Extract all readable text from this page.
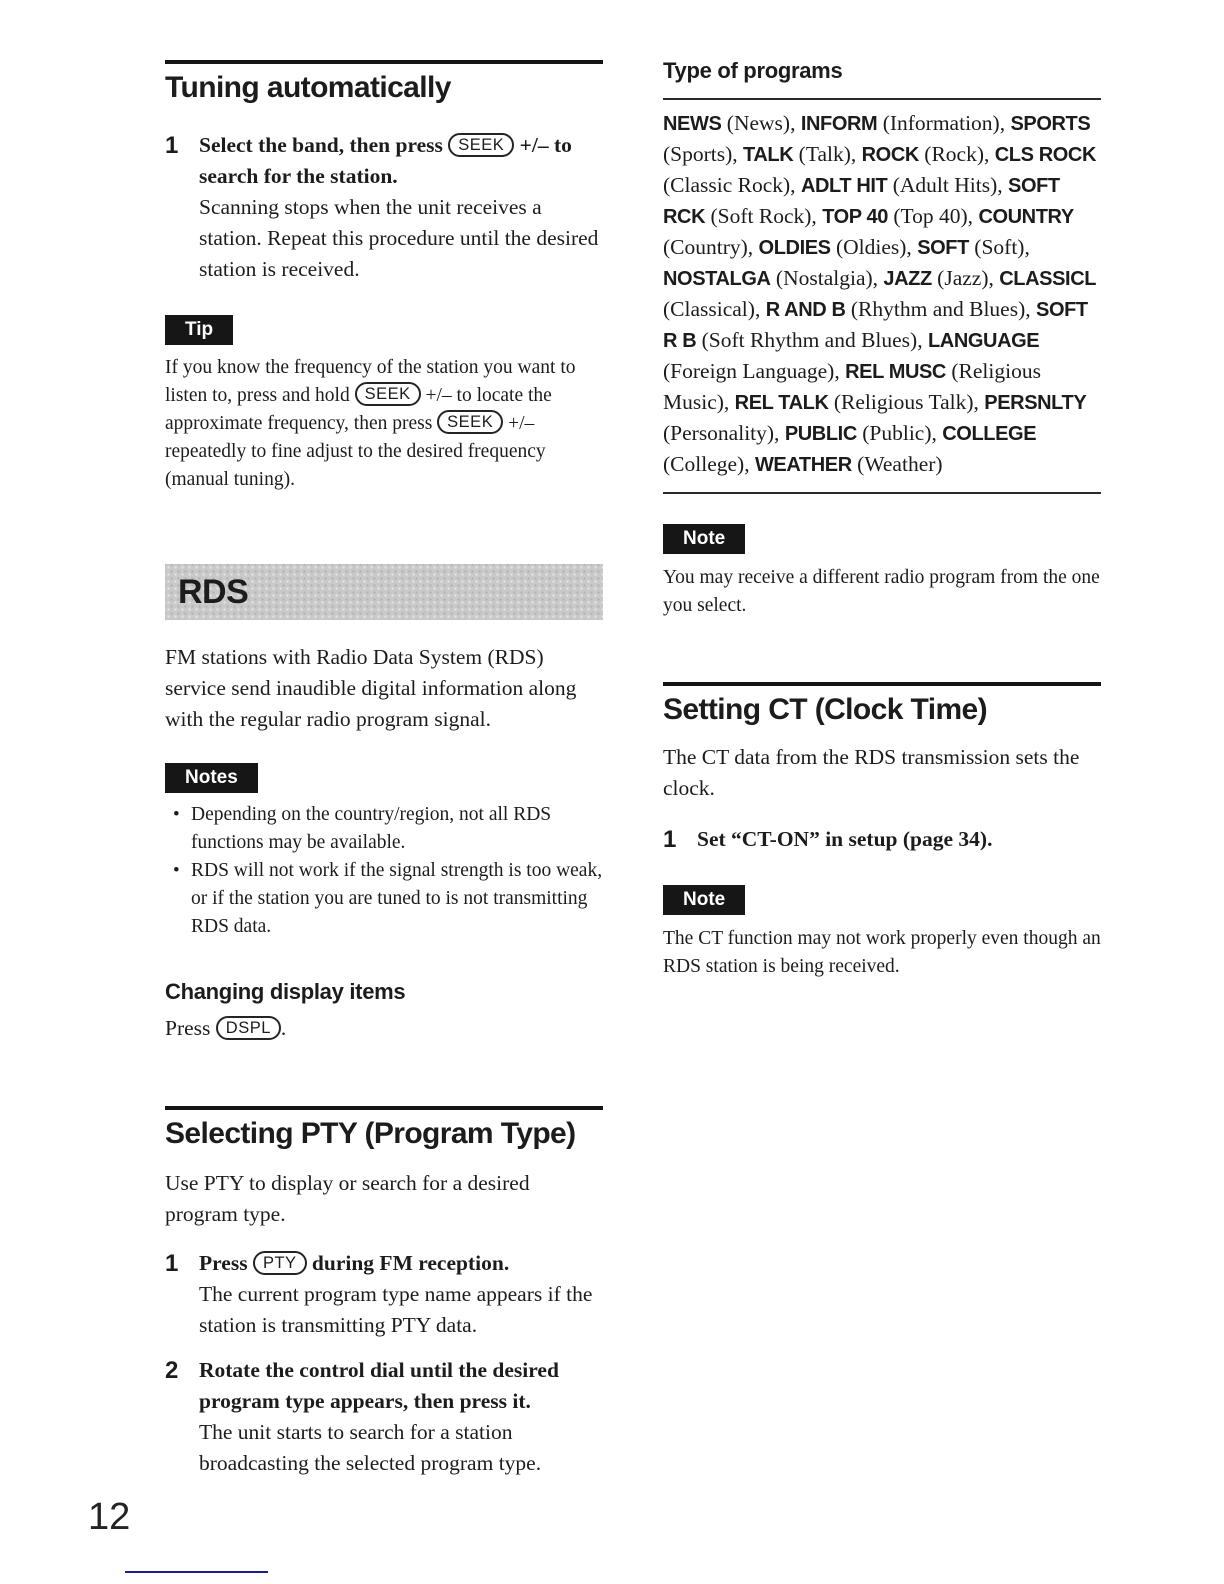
Tuning automatically
1 Select the band, then press SEEK +/– to search for the station.
Scanning stops when the unit receives a station. Repeat this procedure until the desired station is received.
Tip
If you know the frequency of the station you want to listen to, press and hold SEEK +/– to locate the approximate frequency, then press SEEK +/– repeatedly to fine adjust to the desired frequency (manual tuning).
RDS
FM stations with Radio Data System (RDS) service send inaudible digital information along with the regular radio program signal.
Notes
• Depending on the country/region, not all RDS functions may be available.
• RDS will not work if the signal strength is too weak, or if the station you are tuned to is not transmitting RDS data.
Changing display items
Press DSPL .
Selecting PTY (Program Type)
Use PTY to display or search for a desired program type.
1 Press PTY during FM reception.
The current program type name appears if the station is transmitting PTY data.
2 Rotate the control dial until the desired program type appears, then press it.
The unit starts to search for a station broadcasting the selected program type.
Type of programs
NEWS (News), INFORM (Information), SPORTS (Sports), TALK (Talk), ROCK (Rock), CLS ROCK (Classic Rock), ADLT HIT (Adult Hits), SOFT RCK (Soft Rock), TOP 40 (Top 40), COUNTRY (Country), OLDIES (Oldies), SOFT (Soft), NOSTALGA (Nostalgia), JAZZ (Jazz), CLASSICL (Classical), R AND B (Rhythm and Blues), SOFT R B (Soft Rhythm and Blues), LANGUAGE (Foreign Language), REL MUSC (Religious Music), REL TALK (Religious Talk), PERSNLTY (Personality), PUBLIC (Public), COLLEGE (College), WEATHER (Weather)
Note
You may receive a different radio program from the one you select.
Setting CT (Clock Time)
The CT data from the RDS transmission sets the clock.
1 Set “CT-ON” in setup (page 34).
Note
The CT function may not work properly even though an RDS station is being received.
12
